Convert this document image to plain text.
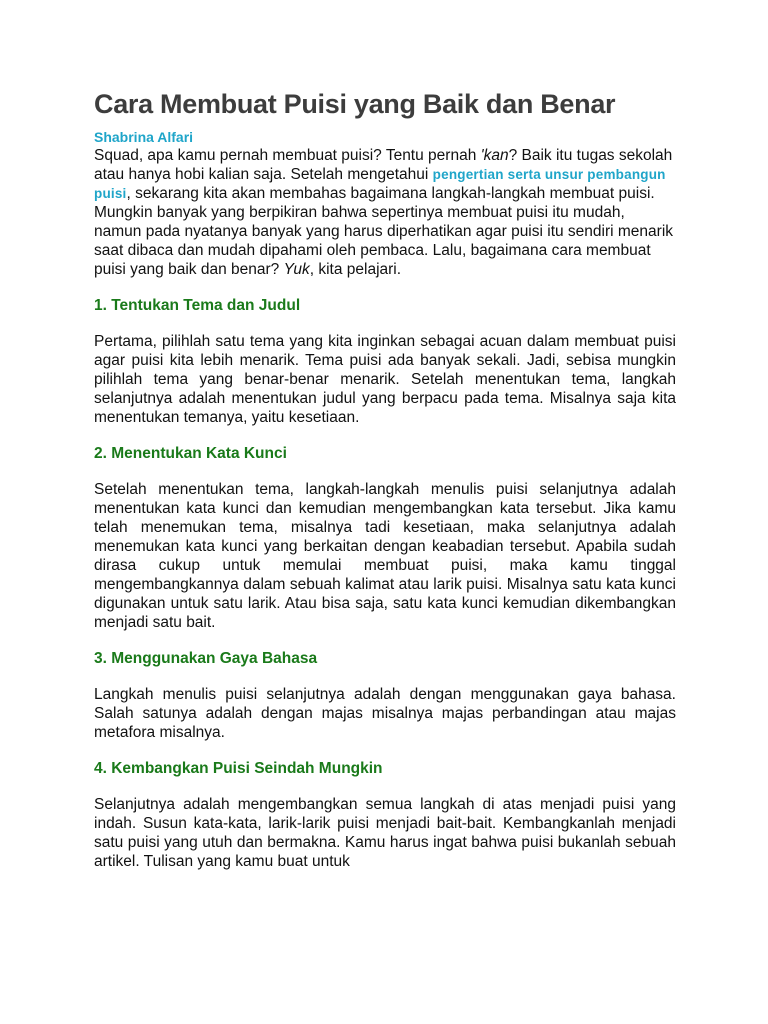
Cara Membuat Puisi yang Baik dan Benar
Shabrina Alfari

Squad, apa kamu pernah membuat puisi? Tentu pernah 'kan? Baik itu tugas sekolah atau hanya hobi kalian saja. Setelah mengetahui pengertian serta unsur pembangun puisi, sekarang kita akan membahas bagaimana langkah-langkah membuat puisi. Mungkin banyak yang berpikiran bahwa sepertinya membuat puisi itu mudah, namun pada nyatanya banyak yang harus diperhatikan agar puisi itu sendiri menarik saat dibaca dan mudah dipahami oleh pembaca. Lalu, bagaimana cara membuat puisi yang baik dan benar? Yuk, kita pelajari.

1. Tentukan Tema dan Judul

Pertama, pilihlah satu tema yang kita inginkan sebagai acuan dalam membuat puisi agar puisi kita lebih menarik. Tema puisi ada banyak sekali. Jadi, sebisa mungkin pilihlah tema yang benar-benar menarik. Setelah menentukan tema, langkah selanjutnya adalah menentukan judul yang berpacu pada tema. Misalnya saja kita menentukan temanya, yaitu kesetiaan.

2. Menentukan Kata Kunci

Setelah menentukan tema, langkah-langkah menulis puisi selanjutnya adalah menentukan kata kunci dan kemudian mengembangkan kata tersebut. Jika kamu telah menemukan tema, misalnya tadi kesetiaan, maka selanjutnya adalah menemukan kata kunci yang berkaitan dengan keabadian tersebut. Apabila sudah dirasa cukup untuk memulai membuat puisi, maka kamu tinggal mengembangkannya dalam sebuah kalimat atau larik puisi. Misalnya satu kata kunci digunakan untuk satu larik. Atau bisa saja, satu kata kunci kemudian dikembangkan menjadi satu bait.

3. Menggunakan Gaya Bahasa

Langkah menulis puisi selanjutnya adalah dengan menggunakan gaya bahasa. Salah satunya adalah dengan majas misalnya majas perbandingan atau majas metafora misalnya.

4. Kembangkan Puisi Seindah Mungkin

Selanjutnya adalah mengembangkan semua langkah di atas menjadi puisi yang indah. Susun kata-kata, larik-larik puisi menjadi bait-bait. Kembangkanlah menjadi satu puisi yang utuh dan bermakna. Kamu harus ingat bahwa puisi bukanlah sebuah artikel. Tulisan yang kamu buat untuk
